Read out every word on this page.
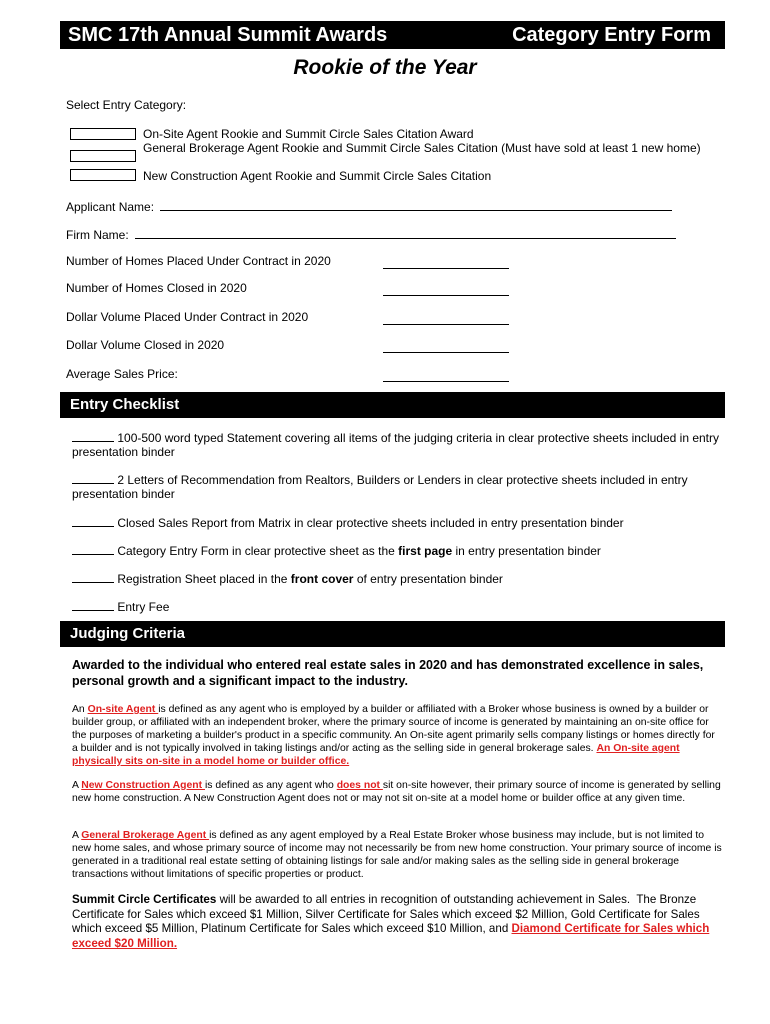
SMC 17th Annual Summit Awards	Category Entry Form
Rookie of the Year
Select Entry Category:
On-Site Agent Rookie and Summit Circle Sales Citation Award
General Brokerage Agent Rookie and Summit Circle Sales Citation (Must have sold at least 1 new home)
New Construction Agent Rookie and Summit Circle Sales Citation
Applicant Name:
Firm Name:
Number of Homes Placed Under Contract in 2020
Number of Homes Closed in 2020
Dollar Volume Placed Under Contract in 2020
Dollar Volume Closed in 2020
Average Sales Price:
Entry Checklist
100-500 word typed Statement covering all items of the judging criteria in clear protective sheets included in entry presentation binder
2 Letters of Recommendation from Realtors, Builders or Lenders in clear protective sheets included in entry presentation binder
Closed Sales Report from Matrix in clear protective sheets included in entry presentation binder
Category Entry Form in clear protective sheet as the first page in entry presentation binder
Registration Sheet placed in the front cover of entry presentation binder
Entry Fee
Judging Criteria
Awarded to the individual who entered real estate sales in 2020 and has demonstrated excellence in sales, personal growth and a significant impact to the industry.
An On-site Agent is defined as any agent who is employed by a builder or affiliated with a Broker whose business is owned by a builder or builder group, or affiliated with an independent broker, where the primary source of income is generated by maintaining an on-site office for the purposes of marketing a builder's product in a specific community. An On-site agent primarily sells company listings or homes directly for a builder and is not typically involved in taking listings and/or acting as the selling side in general brokerage sales. An On-site agent physically sits on-site in a model home or builder office.
A New Construction Agent is defined as any agent who does not sit on-site however, their primary source of income is generated by selling new home construction. A New Construction Agent does not or may not sit on-site at a model home or builder office at any given time.
A General Brokerage Agent is defined as any agent employed by a Real Estate Broker whose business may include, but is not limited to new home sales, and whose primary source of income may not necessarily be from new home construction. Your primary source of income is generated in a traditional real estate setting of obtaining listings for sale and/or making sales as the selling side in general brokerage transactions without limitations of specific properties or product.
Summit Circle Certificates will be awarded to all entries in recognition of outstanding achievement in Sales.  The Bronze      Certificate for Sales which exceed $1 Million, Silver Certificate for Sales which exceed $2 Million, Gold Certificate for Sales which exceed $5 Million, Platinum Certificate for Sales which exceed $10 Million, and Diamond Certificate for Sales which exceed $20 Million.
